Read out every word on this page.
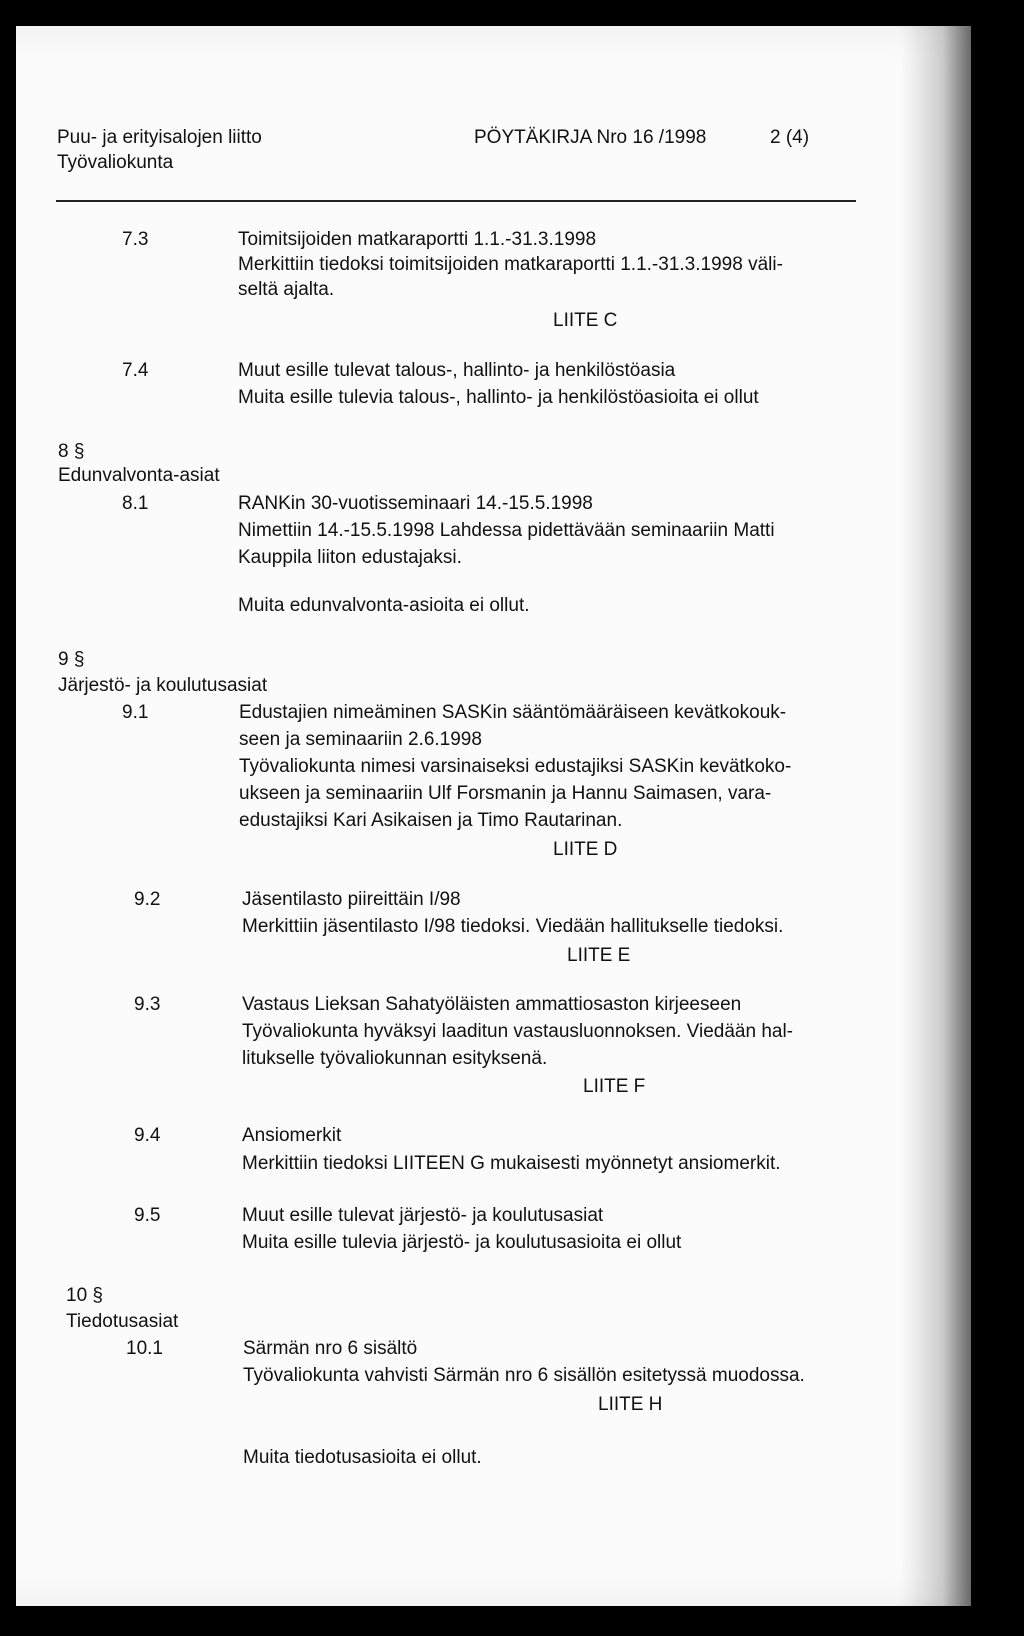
Puu- ja erityisalojen liitto
Työvaliokunta
PÖYTÄKIRJA Nro 16 /1998	2 (4)
7.3	Toimitsijoiden matkaraportti 1.1.-31.3.1998
Merkittiin tiedoksi toimitsijoiden matkaraportti 1.1.-31.3.1998 väli-
seltä ajalta.
LIITE C
7.4	Muut esille tulevat talous-, hallinto- ja henkilöstöasia
Muita esille tulevia talous-, hallinto- ja henkilöstöasioita ei ollut
8 §
Edunvalvonta-asiat
8.1	RANKin 30-vuotisseminaari 14.-15.5.1998
Nimettiin 14.-15.5.1998 Lahdessa pidettävään seminaariin Matti
Kauppila liiton edustajaksi.
Muita edunvalvonta-asioita ei ollut.
9 §
Järjestö- ja koulutusasiat
9.1	Edustajien nimeäminen SASKin sääntömääräiseen kevätkokouk-
seen ja seminaariin 2.6.1998
Työvaliokunta nimesi varsinaiseksi edustajiksi SASKin kevätkoko-
ukseen ja seminaariin Ulf Forsmanin ja Hannu Saimasen, vara-
edustajiksi Kari Asikaisen ja Timo Rautarinan.
LIITE D
9.2	Jäsentilasto piireittäin I/98
Merkittiin jäsentilasto I/98 tiedoksi. Viedään hallitukselle tiedoksi.
LIITE E
9.3	Vastaus Lieksan Sahatyöläisten ammattiosaston kirjeeseen
Työvaliokunta hyväksyi laaditun vastausluonnoksen. Viedään hal-
litukselle työvaliokunnan esityksenä.
LIITE F
9.4	Ansiomerkit
Merkittiin tiedoksi LIITEEN G mukaisesti myönnetyt ansiomerkit.
9.5	Muut esille tulevat järjestö- ja koulutusasiat
Muita esille tulevia järjestö- ja koulutusasioita ei ollut
10 §
Tiedotusasiat
10.1	Särmän nro 6 sisältö
Työvaliokunta vahvisti Särmän nro 6 sisällön esitetyssä muodossa.
LIITE H
Muita tiedotusasioita ei ollut.
